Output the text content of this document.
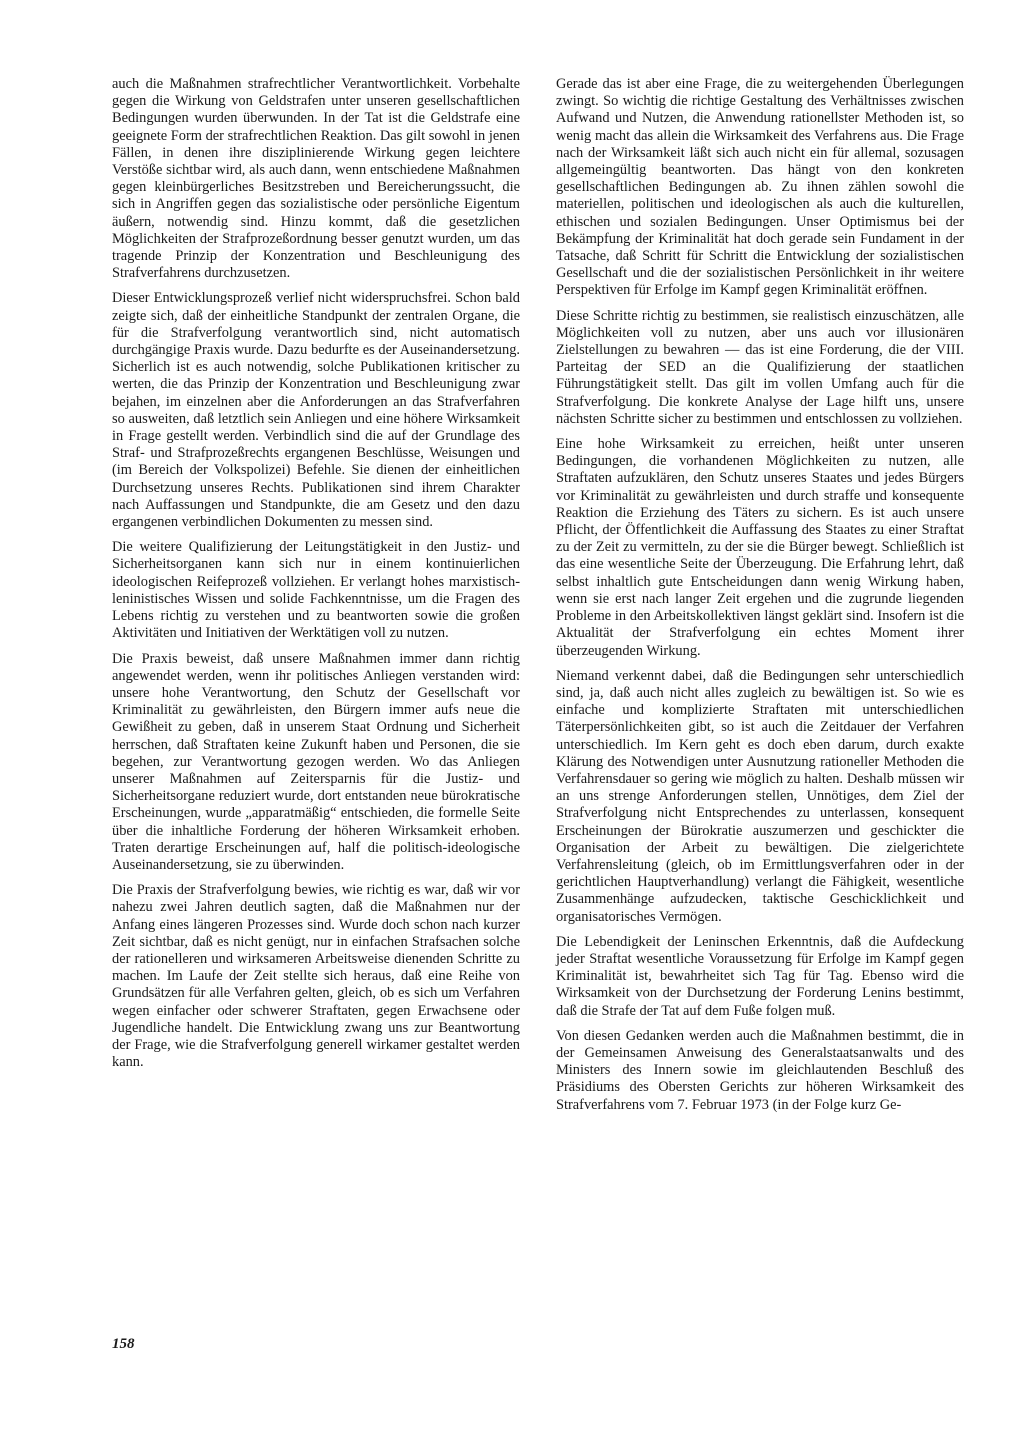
auch die Maßnahmen strafrechtlicher Verantwortlichkeit. Vorbehalte gegen die Wirkung von Geldstrafen unter unseren gesellschaftlichen Bedingungen wurden überwunden. In der Tat ist die Geldstrafe eine geeignete Form der strafrechtlichen Reaktion. Das gilt sowohl in jenen Fällen, in denen ihre disziplinierende Wirkung gegen leichtere Verstöße sichtbar wird, als auch dann, wenn entschiedene Maßnahmen gegen kleinbürgerliches Besitzstreben und Bereicherungssucht, die sich in Angriffen gegen das sozialistische oder persönliche Eigentum äußern, notwendig sind. Hinzu kommt, daß die gesetzlichen Möglichkeiten der Strafprozeßordnung besser genutzt wurden, um das tragende Prinzip der Konzentration und Beschleunigung des Strafverfahrens durchzusetzen.

Dieser Entwicklungsprozeß verlief nicht widerspruchsfrei. Schon bald zeigte sich, daß der einheitliche Standpunkt der zentralen Organe, die für die Strafverfolgung verantwortlich sind, nicht automatisch durchgängige Praxis wurde. Dazu bedurfte es der Auseinandersetzung. Sicherlich ist es auch notwendig, solche Publikationen kritischer zu werten, die das Prinzip der Konzentration und Beschleunigung zwar bejahen, im einzelnen aber die Anforderungen an das Strafverfahren so ausweiten, daß letztlich sein Anliegen und eine höhere Wirksamkeit in Frage gestellt werden. Verbindlich sind die auf der Grundlage des Straf- und Strafprozeßrechts ergangenen Beschlüsse, Weisungen und (im Bereich der Volkspolizei) Befehle. Sie dienen der einheitlichen Durchsetzung unseres Rechts. Publikationen sind ihrem Charakter nach Auffassungen und Standpunkte, die am Gesetz und den dazu ergangenen verbindlichen Dokumenten zu messen sind.

Die weitere Qualifizierung der Leitungstätigkeit in den Justiz- und Sicherheitsorganen kann sich nur in einem kontinuierlichen ideologischen Reifeprozeß vollziehen. Er verlangt hohes marxistisch-leninistisches Wissen und solide Fachkenntnisse, um die Fragen des Lebens richtig zu verstehen und zu beantworten sowie die großen Aktivitäten und Initiativen der Werktätigen voll zu nutzen.

Die Praxis beweist, daß unsere Maßnahmen immer dann richtig angewendet werden, wenn ihr politisches Anliegen verstanden wird: unsere hohe Verantwortung, den Schutz der Gesellschaft vor Kriminalität zu gewährleisten, den Bürgern immer aufs neue die Gewißheit zu geben, daß in unserem Staat Ordnung und Sicherheit herrschen, daß Straftaten keine Zukunft haben und Personen, die sie begehen, zur Verantwortung gezogen werden. Wo das Anliegen unserer Maßnahmen auf Zeitersparnis für die Justiz- und Sicherheitsorgane reduziert wurde, dort entstanden neue bürokratische Erscheinungen, wurde „apparatmäßig“ entschieden, die formelle Seite über die inhaltliche Forderung der höheren Wirksamkeit erhoben. Traten derartige Erscheinungen auf, half die politisch-ideologische Auseinandersetzung, sie zu überwinden.

Die Praxis der Strafverfolgung bewies, wie richtig es war, daß wir vor nahezu zwei Jahren deutlich sagten, daß die Maßnahmen nur der Anfang eines längeren Prozesses sind. Wurde doch schon nach kurzer Zeit sichtbar, daß es nicht genügt, nur in einfachen Strafsachen solche der rationelleren und wirksameren Arbeitsweise dienenden Schritte zu machen. Im Laufe der Zeit stellte sich heraus, daß eine Reihe von Grundsätzen für alle Verfahren gelten, gleich, ob es sich um Verfahren wegen einfacher oder schwerer Straftaten, gegen Erwachsene oder Jugendliche handelt. Die Entwicklung zwang uns zur Beantwortung der Frage, wie die Strafverfolgung generell wirkamer gestaltet werden kann.

Gerade das ist aber eine Frage, die zu weitergehenden Überlegungen zwingt. So wichtig die richtige Gestaltung des Verhältnisses zwischen Aufwand und Nutzen, die Anwendung rationellster Methoden ist, so wenig macht das allein die Wirksamkeit des Verfahrens aus. Die Frage nach der Wirksamkeit läßt sich auch nicht ein für allemal, sozusagen allgemeingültig beantworten. Das hängt von den konkreten gesellschaftlichen Bedingungen ab. Zu ihnen zählen sowohl die materiellen, politischen und ideologischen als auch die kulturellen, ethischen und sozialen Bedingungen. Unser Optimismus bei der Bekämpfung der Kriminalität hat doch gerade sein Fundament in der Tatsache, daß Schritt für Schritt die Entwicklung der sozialistischen Gesellschaft und die der sozialistischen Persönlichkeit in ihr weitere Perspektiven für Erfolge im Kampf gegen Kriminalität eröffnen.

Diese Schritte richtig zu bestimmen, sie realistisch einzuschätzen, alle Möglichkeiten voll zu nutzen, aber uns auch vor illusionären Zielstellungen zu bewahren — das ist eine Forderung, die der VIII. Parteitag der SED an die Qualifizierung der staatlichen Führungstätigkeit stellt. Das gilt im vollen Umfang auch für die Strafverfolgung. Die konkrete Analyse der Lage hilft uns, unsere nächsten Schritte sicher zu bestimmen und entschlossen zu vollziehen.

Eine hohe Wirksamkeit zu erreichen, heißt unter unseren Bedingungen, die vorhandenen Möglichkeiten zu nutzen, alle Straftaten aufzuklären, den Schutz unseres Staates und jedes Bürgers vor Kriminalität zu gewährleisten und durch straffe und konsequente Reaktion die Erziehung des Täters zu sichern. Es ist auch unsere Pflicht, der Öffentlichkeit die Auffassung des Staates zu einer Straftat zu der Zeit zu vermitteln, zu der sie die Bürger bewegt. Schließlich ist das eine wesentliche Seite der Überzeugung. Die Erfahrung lehrt, daß selbst inhaltlich gute Entscheidungen dann wenig Wirkung haben, wenn sie erst nach langer Zeit ergehen und die zugrunde liegenden Probleme in den Arbeitskollektiven längst geklärt sind. Insofern ist die Aktualität der Strafverfolgung ein echtes Moment ihrer überzeugenden Wirkung.

Niemand verkennt dabei, daß die Bedingungen sehr unterschiedlich sind, ja, daß auch nicht alles zugleich zu bewältigen ist. So wie es einfache und komplizierte Straftaten mit unterschiedlichen Täterpersönlichkeiten gibt, so ist auch die Zeitdauer der Verfahren unterschiedlich. Im Kern geht es doch eben darum, durch exakte Klärung des Notwendigen unter Ausnutzung rationeller Methoden die Verfahrensdauer so gering wie möglich zu halten. Deshalb müssen wir an uns strenge Anforderungen stellen, Unnötiges, dem Ziel der Strafverfolgung nicht Entsprechendes zu unterlassen, konsequent Erscheinungen der Bürokratie auszumerzen und geschickter die Organisation der Arbeit zu bewältigen. Die zielgerichtete Verfahrensleitung (gleich, ob im Ermittlungsverfahren oder in der gerichtlichen Hauptverhandlung) verlangt die Fähigkeit, wesentliche Zusammenhänge aufzudecken, taktische Geschicklichkeit und organisatorisches Vermögen.

Die Lebendigkeit der Leninschen Erkenntnis, daß die Aufdeckung jeder Straftat wesentliche Voraussetzung für Erfolge im Kampf gegen Kriminalität ist, bewahrheitet sich Tag für Tag. Ebenso wird die Wirksamkeit von der Durchsetzung der Forderung Lenins bestimmt, daß die Strafe der Tat auf dem Fuße folgen muß.

Von diesen Gedanken werden auch die Maßnahmen bestimmt, die in der Gemeinsamen Anweisung des Generalstaatsanwalts und des Ministers des Innern sowie im gleichlautenden Beschluß des Präsidiums des Obersten Gerichts zur höheren Wirksamkeit des Strafverfahrens vom 7. Februar 1973 (in der Folge kurz Ge-

158
